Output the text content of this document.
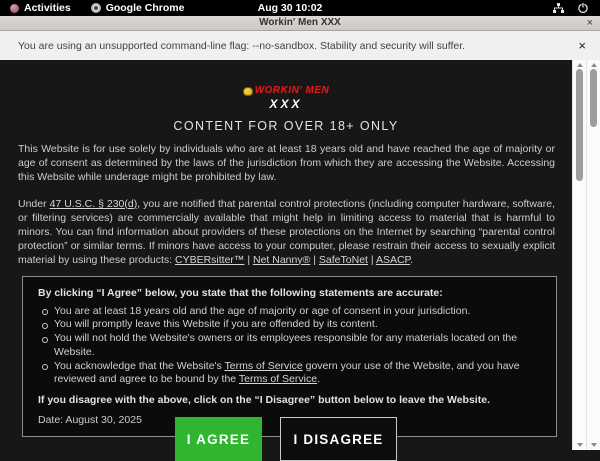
Activities	Google Chrome	Aug 30 10:02
Workin' Men XXX	×
You are using an unsupported command-line flag: --no-sandbox. Stability and security will suffer.	×
WORKIN' MEN
XXX
CONTENT FOR OVER 18+ ONLY

This Website is for use solely by individuals who are at least 18 years old and have reached the age of majority or age of consent as determined by the laws of the jurisdiction from which they are accessing the Website. Accessing this Website while underage might be prohibited by law.

Under 47 U.S.C. § 230(d), you are notified that parental control protections (including computer hardware, software, or filtering services) are commercially available that might help in limiting access to material that is harmful to minors. You can find information about providers of these protections on the Internet by searching “parental control protection” or similar terms. If minors have access to your computer, please restrain their access to sexually explicit material by using these products: CYBERsitter™ | Net Nanny® | SafeToNet | ASACP.

By clicking “I Agree” below, you state that the following statements are accurate:
You are at least 18 years old and the age of majority or age of consent in your jurisdiction.
You will promptly leave this Website if you are offended by its content.
You will not hold the Website's owners or its employees responsible for any materials located on the Website.
You acknowledge that the Website's Terms of Service govern your use of the Website, and you have reviewed and agree to be bound by the Terms of Service.
If you disagree with the above, click on the “I Disagree” button below to leave the Website.
Date: August 30, 2025
I AGREE	I DISAGREE
